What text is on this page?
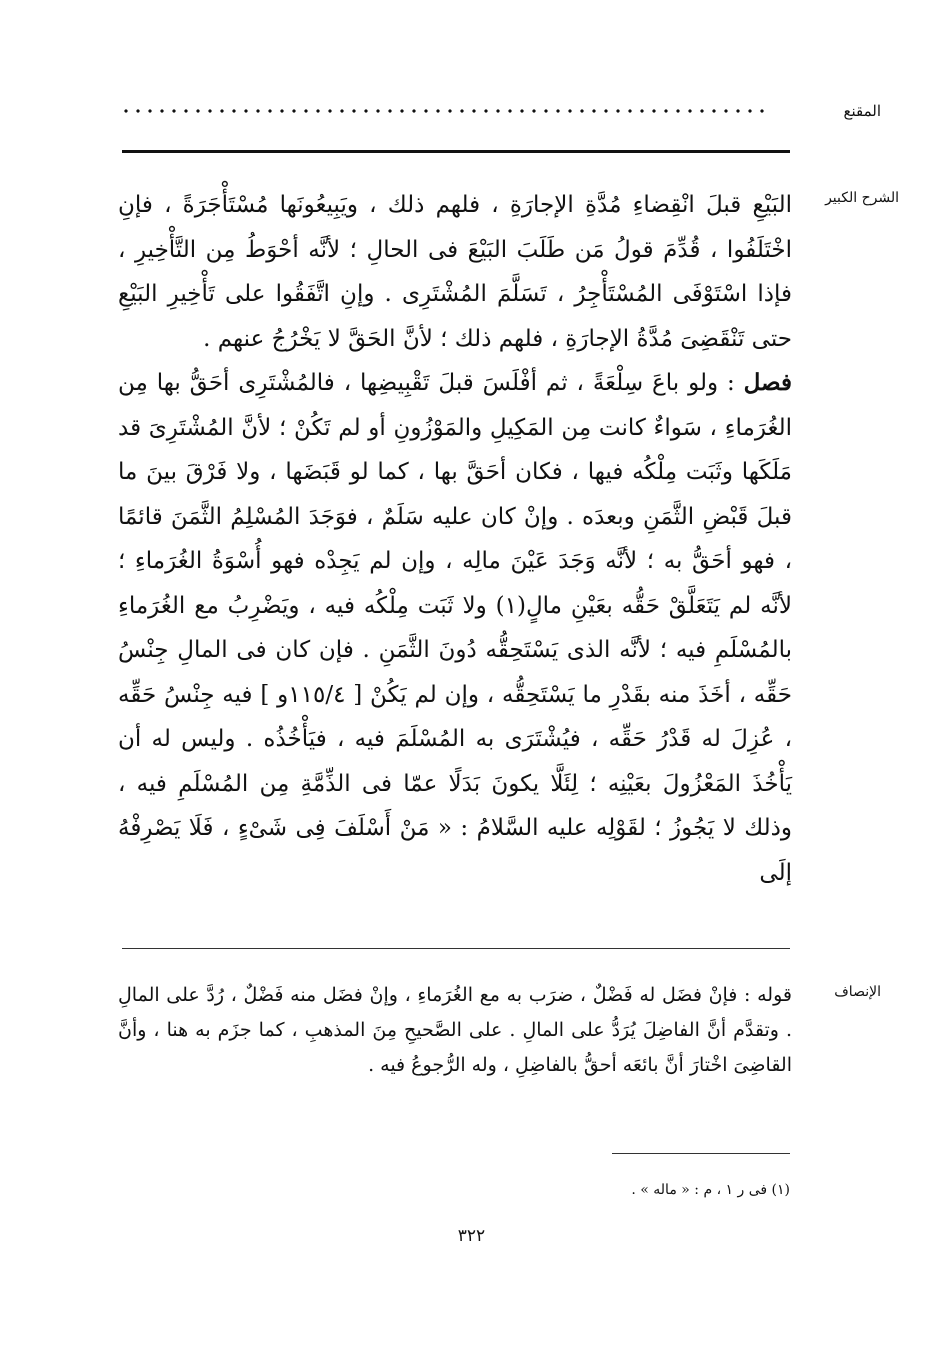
المقنع
الشرح الكبير

البَيْعِ قبلَ انْقِضاءِ مُدَّةِ الإجارَةِ ، فلهم ذلك ، ويَبِيعُونَها مُسْتَأْجَرَةً ، فإنِ اخْتَلَفُوا ، قُدِّمَ قولُ مَن طَلَبَ البَيْعَ فى الحالِ ؛ لأنَّه أحْوَطُ مِن التَّأْخِيرِ ، فإذا اسْتَوْفَى المُسْتَأْجِرُ ، تَسَلَّمَ المُشْتَرِى . وإنِ اتَّفَقُوا على تَأْخِيرِ البَيْعِ حتى تَنْقَضِىَ مُدَّةُ الإجارَةِ ، فلهم ذلك ؛ لأنَّ الحَقَّ لا يَخْرُجُ عنهم .

فصل : ولو باعَ سِلْعَةً ، ثم أفْلَسَ قبلَ تَقْبِيضِها ، فالمُشْتَرِى أحَقُّ بها مِن الغُرَماءِ ، سَواءٌ كانت مِن المَكِيلِ والمَوْزُونِ أو لم تَكُنْ ؛ لأنَّ المُشْتَرِىَ قد مَلَكَها وثَبَت مِلْكُه فيها ، فكان أحَقَّ بها ، كما لو قَبَضَها ، ولا فَرْقَ بينَ ما قبلَ قَبْضِ الثَّمَنِ وبعدَه . وإنْ كان عليه سَلَمٌ ، فوَجَدَ المُسْلِمُ الثَّمَنَ قائمًا ، فهو أحَقُّ به ؛ لأنَّه وَجَدَ عَيْنَ مالِه ، وإن لم يَجِدْه فهو أُسْوَةُ الغُرَماءِ ؛ لأنَّه لم يَتَعَلَّقْ حَقُّه بعَيْنِ مالٍ(١) ولا ثَبَت مِلْكُه فيه ، ويَضْرِبُ مع الغُرَماءِ بالمُسْلَمِ فيه ؛ لأنَّه الذى يَسْتَحِقُّه دُونَ الثَّمَنِ . فإن كان فى المالِ جِنْسُ حَقِّه ، أخَذَ منه بقَدْرِ ما يَسْتَحِقُّه ، وإن لم يَكُنْ [ ١١٥/٤و ] فيه جِنْسُ حَقِّه ، عُزِلَ له قَدْرُ حَقِّه ، فيُشْتَرَى به المُسْلَمَ فيه ، فيَأْخُذُه . وليس له أن يَأْخُذَ المَعْزُولَ بعَيْنِه ؛ لِئَلَّا يكونَ بَدَلًا عمّا فى الذِّمَّةِ مِن المُسْلَمِ فيه ، وذلك لا يَجُوزُ ؛ لقَوْلِه عليه السَّلامُ : « مَنْ أَسْلَفَ فِى شَىْءٍ ، فَلَا يَصْرِفْهُ إلَى

الإنصاف

قوله : فإنْ فضَل له فَضْلٌ ، ضرَب به مع الغُرَماءِ ، وإنْ فضَل منه فَضْلٌ ، رُدَّ على المالِ . وتقدَّم أنَّ الفاضِلَ يُرَدُّ على المالِ . على الصَّحيحِ مِنَ المذهبِ ، كما جزَم به هنا ، وأنَّ القاضِىَ اخْتارَ أنَّ بائعَه أحقُّ بالفاضِلِ ، وله الرُّجوعُ فيه .

(١) فى ر ١ ، م : « ماله » .
٣٢٢
